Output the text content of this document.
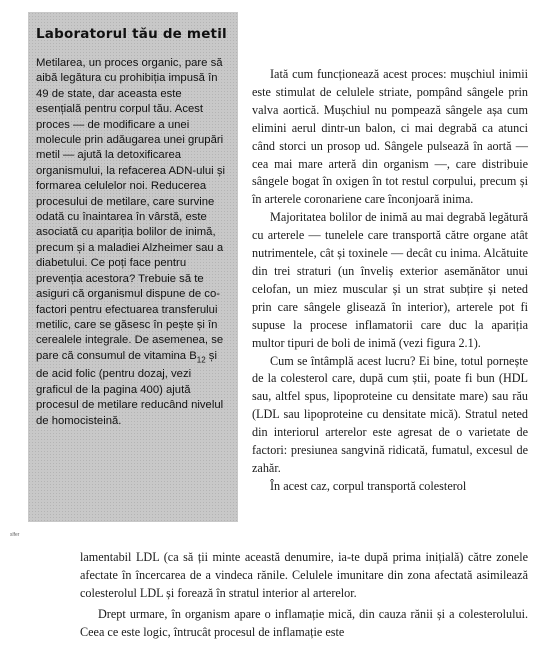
Laboratorul tău de metil

Metilarea, un proces organic, pare să aibă legătura cu prohibiția impusă în 49 de state, dar aceasta este esențială pentru corpul tău. Acest proces — de modificare a unei molecule prin adăugarea unei grupări metil — ajută la detoxificarea organismului, la refacerea ADN-ului și formarea celulelor noi. Reducerea procesului de metilare, care survine odată cu înaintarea în vârstă, este asociată cu apariția bolilor de inimă, precum și a maladiei Alzheimer sau a diabetului. Ce poți face pentru prevenția acestora? Trebuie să te asiguri că organismul dispune de co-factori pentru efectuarea transferului metilic, care se găsesc în pește și în cerealele integrale. De asemenea, se pare că consumul de vitamina $B_{12}$ și de acid folic (pentru dozaj, vezi graficul de la pagina 400) ajută procesul de metilare reducând nivelul de homocisteină.

slfer

Iată cum funcționează acest proces: mușchiul inimii este stimulat de celulele striate, pompând sângele prin valva aortică. Mușchiul nu pompează sângele așa cum elimini aerul dintr-un balon, ci mai degrabă ca atunci când storci un prosop ud. Sângele pulsează în aortă — cea mai mare arteră din organism —, care distribuie sângele bogat în oxigen în tot restul corpului, precum și în arterele coronariene care înconjoară inima.

Majoritatea bolilor de inimă au mai degrabă legătură cu arterele — tunelele care transportă către organe atât nutrimentele, cât și toxinele — decât cu inima. Alcătuite din trei straturi (un înveliș exterior asemănător unui celofan, un miez muscular și un strat subțire și neted prin care sângele glisează în interior), arterele pot fi supuse la procese inflamatorii care duc la apariția multor tipuri de boli de inimă (vezi figura 2.1).

Cum se întâmplă acest lucru? Ei bine, totul pornește de la colesterol care, după cum știi, poate fi bun (HDL sau, altfel spus, lipoproteine cu densitate mare) sau rău (LDL sau lipoproteine cu densitate mică). Stratul neted din interiorul arterelor este agresat de o varietate de factori: presiunea sangvină ridicată, fumatul, excesul de zahăr.

În acest caz, corpul transportă colesterol

lamentabil LDL (ca să ții minte această denumire, ia-te după prima inițială) către zonele afectate în încercarea de a vindeca rănile. Celulele imunitare din zona afectată asimilează colesterolul LDL și forează în stratul interior al arterelor.

Drept urmare, în organism apare o inflamație mică, din cauza rănii și a colesterolului. Ceea ce este logic, întrucât procesul de inflamație este
